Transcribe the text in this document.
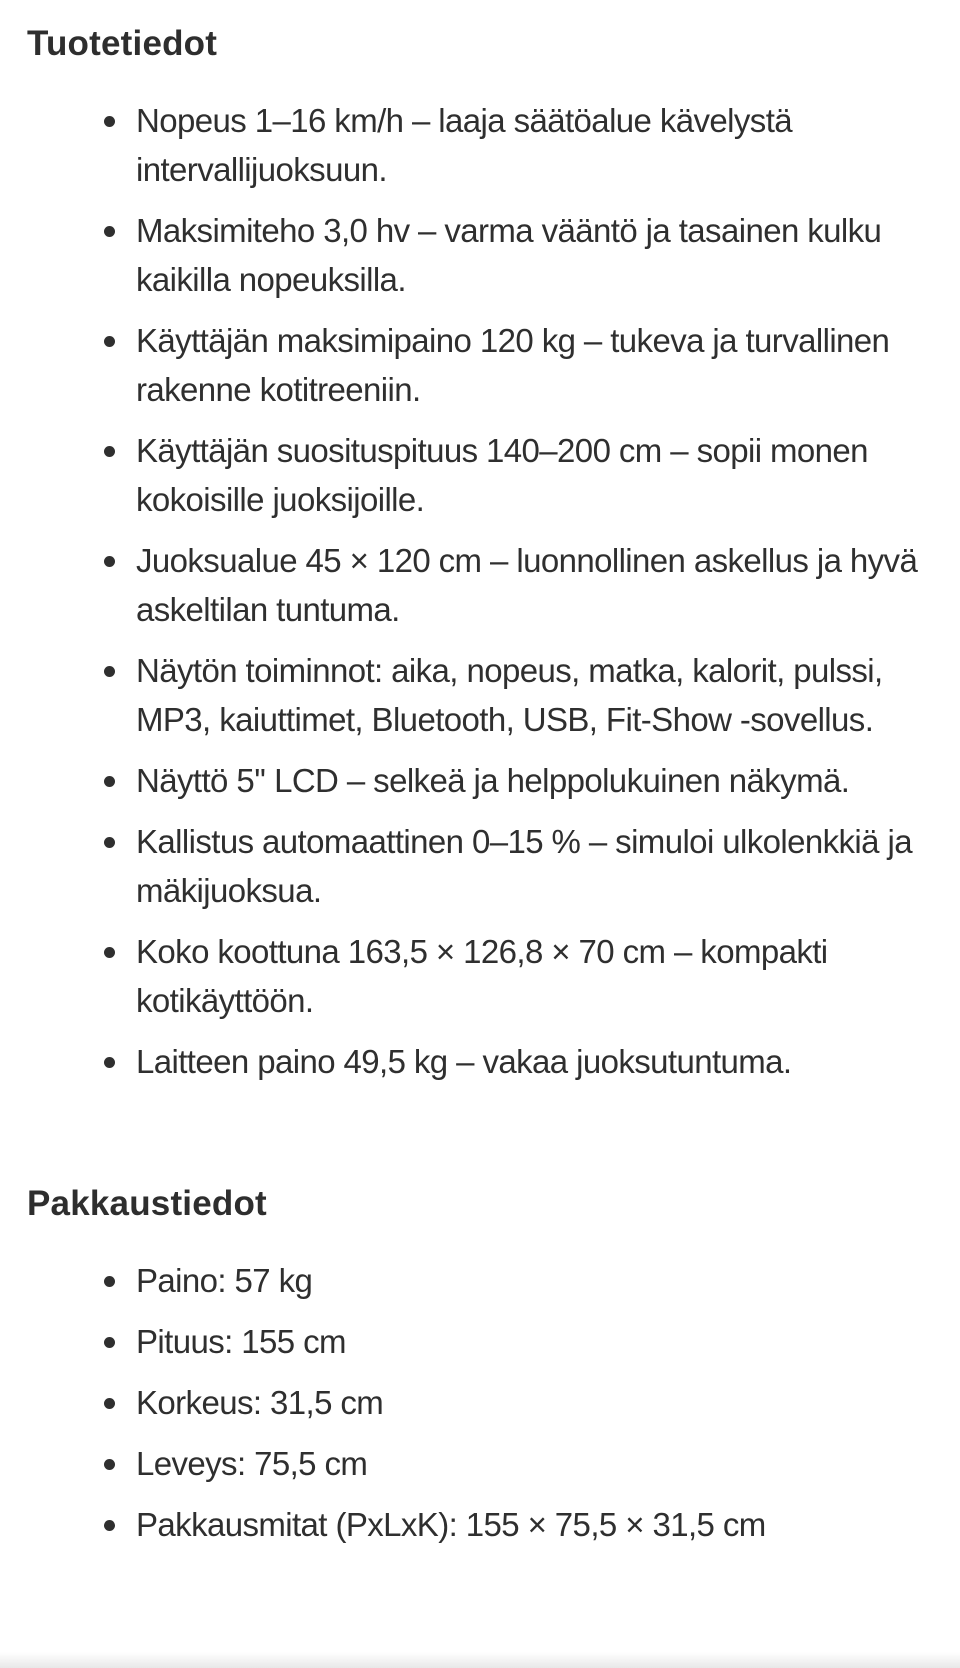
Tuotetiedot
Nopeus 1–16 km/h – laaja säätöalue kävelystä intervallijuoksuun.
Maksimiteho 3,0 hv – varma vääntö ja tasainen kulku kaikilla nopeuksilla.
Käyttäjän maksimipaino 120 kg – tukeva ja turvallinen rakenne kotitreeniin.
Käyttäjän suosituspituus 140–200 cm – sopii monen kokoisille juoksijoille.
Juoksualue 45 × 120 cm – luonnollinen askellus ja hyvä askeltilan tuntuma.
Näytön toiminnot: aika, nopeus, matka, kalorit, pulssi, MP3, kaiuttimet, Bluetooth, USB, Fit-Show -sovellus.
Näyttö 5'' LCD – selkeä ja helppolukuinen näkymä.
Kallistus automaattinen 0–15 % – simuloi ulkolenkkiä ja mäkijuoksua.
Koko koottuna 163,5 × 126,8 × 70 cm – kompakti kotikäyttöön.
Laitteen paino 49,5 kg – vakaa juoksutuntuma.
Pakkaustiedot
Paino: 57 kg
Pituus: 155 cm
Korkeus: 31,5 cm
Leveys: 75,5 cm
Pakkausmitat (PxLxK): 155 × 75,5 × 31,5 cm
